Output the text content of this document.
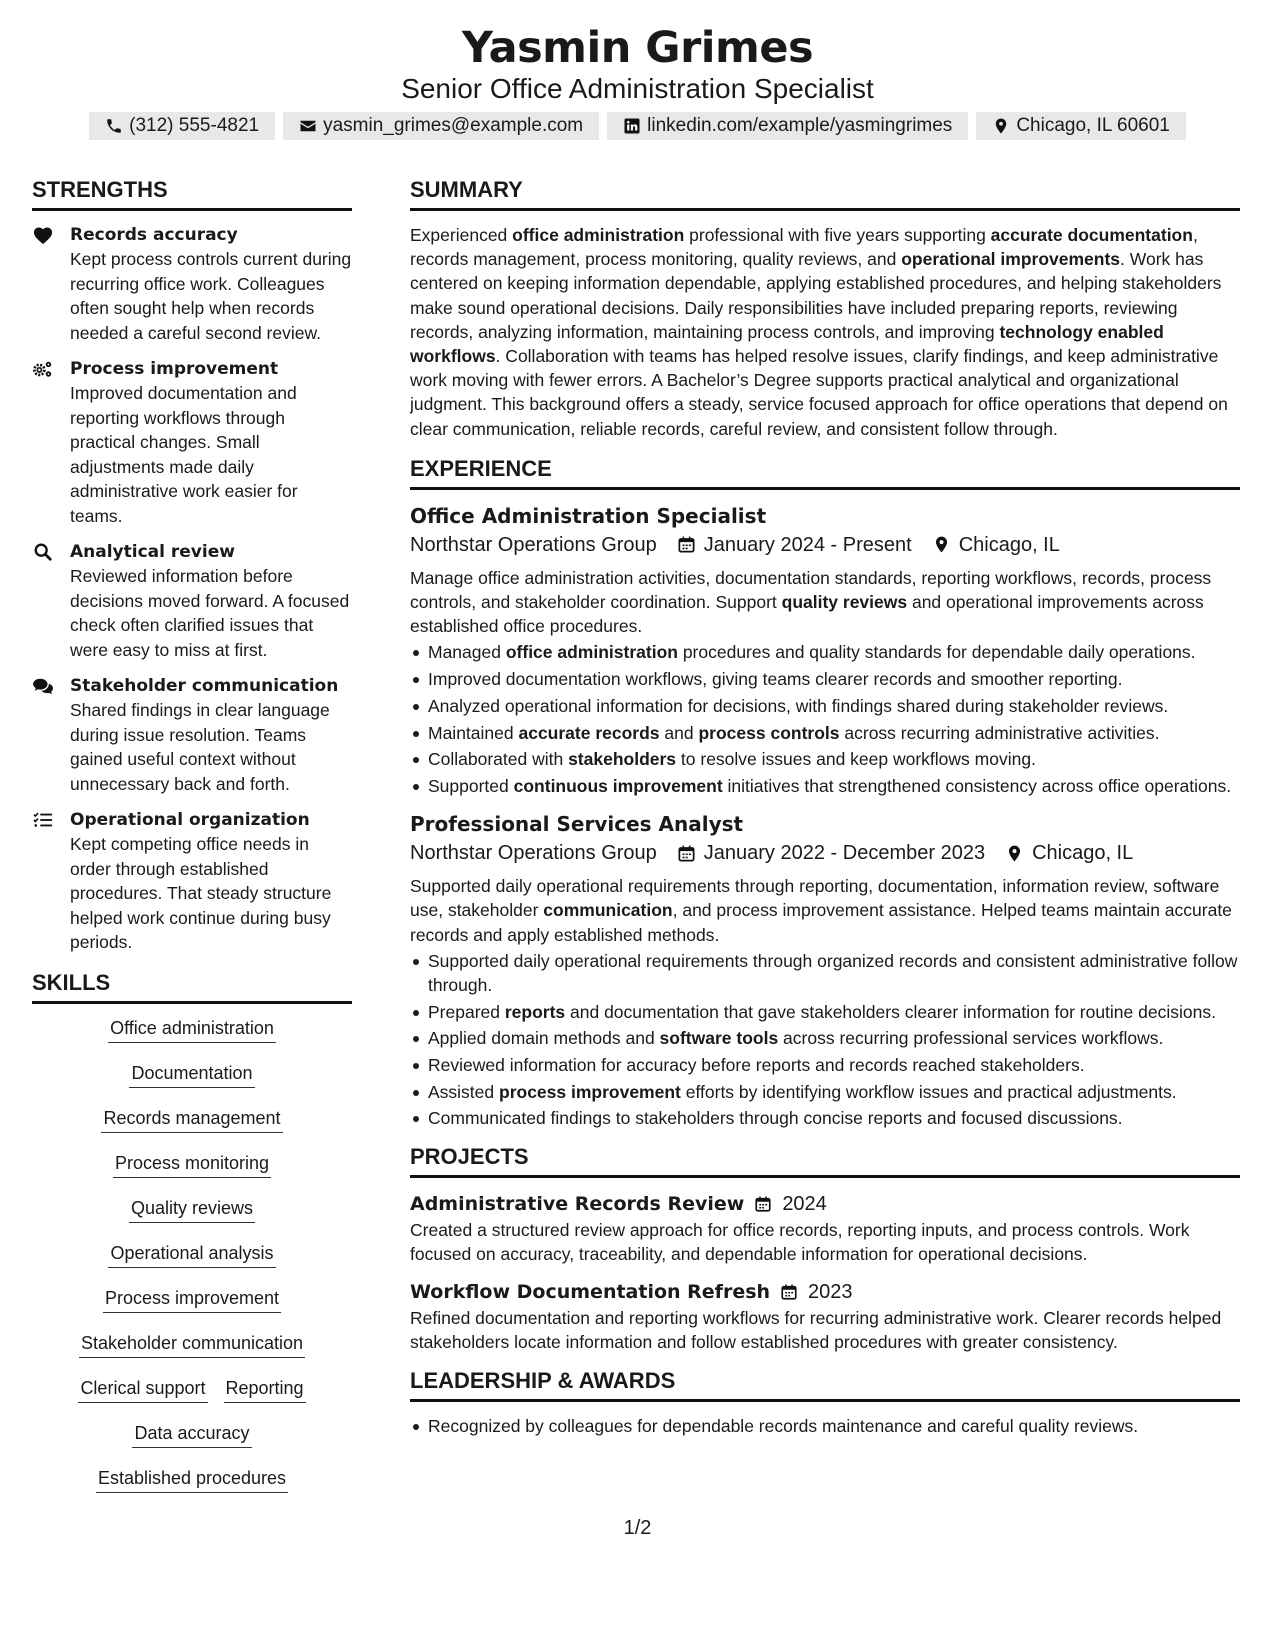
Yasmin Grimes
Senior Office Administration Specialist
(312) 555-4821	yasmin_grimes@example.com	linkedin.com/example/yasmingrimes	Chicago, IL 60601
STRENGTHS
Records accuracy
Kept process controls current during recurring office work. Colleagues often sought help when records needed a careful second review.
Process improvement
Improved documentation and reporting workflows through practical changes. Small adjustments made daily administrative work easier for teams.
Analytical review
Reviewed information before decisions moved forward. A focused check often clarified issues that were easy to miss at first.
Stakeholder communication
Shared findings in clear language during issue resolution. Teams gained useful context without unnecessary back and forth.
Operational organization
Kept competing office needs in order through established procedures. That steady structure helped work continue during busy periods.
SKILLS
Office administration
Documentation
Records management
Process monitoring
Quality reviews
Operational analysis
Process improvement
Stakeholder communication
Clerical support Reporting
Data accuracy
Established procedures
SUMMARY
Experienced office administration professional with five years supporting accurate documentation, records management, process monitoring, quality reviews, and operational improvements. Work has centered on keeping information dependable, applying established procedures, and helping stakeholders make sound operational decisions. Daily responsibilities have included preparing reports, reviewing records, analyzing information, maintaining process controls, and improving technology enabled workflows. Collaboration with teams has helped resolve issues, clarify findings, and keep administrative work moving with fewer errors. A Bachelor’s Degree supports practical analytical and organizational judgment. This background offers a steady, service focused approach for office operations that depend on clear communication, reliable records, careful review, and consistent follow through.
EXPERIENCE
Office Administration Specialist
Northstar Operations Group January 2024 - Present Chicago, IL
Manage office administration activities, documentation standards, reporting workflows, records, process controls, and stakeholder coordination. Support quality reviews and operational improvements across established office procedures.
Managed office administration procedures and quality standards for dependable daily operations.
Improved documentation workflows, giving teams clearer records and smoother reporting.
Analyzed operational information for decisions, with findings shared during stakeholder reviews.
Maintained accurate records and process controls across recurring administrative activities.
Collaborated with stakeholders to resolve issues and keep workflows moving.
Supported continuous improvement initiatives that strengthened consistency across office operations.
Professional Services Analyst
Northstar Operations Group January 2022 - December 2023 Chicago, IL
Supported daily operational requirements through reporting, documentation, information review, software use, stakeholder communication, and process improvement assistance. Helped teams maintain accurate records and apply established methods.
Supported daily operational requirements through organized records and consistent administrative follow through.
Prepared reports and documentation that gave stakeholders clearer information for routine decisions.
Applied domain methods and software tools across recurring professional services workflows.
Reviewed information for accuracy before reports and records reached stakeholders.
Assisted process improvement efforts by identifying workflow issues and practical adjustments.
Communicated findings to stakeholders through concise reports and focused discussions.
PROJECTS
Administrative Records Review 2024
Created a structured review approach for office records, reporting inputs, and process controls. Work focused on accuracy, traceability, and dependable information for operational decisions.
Workflow Documentation Refresh 2023
Refined documentation and reporting workflows for recurring administrative work. Clearer records helped stakeholders locate information and follow established procedures with greater consistency.
LEADERSHIP & AWARDS
Recognized by colleagues for dependable records maintenance and careful quality reviews.
1/2
